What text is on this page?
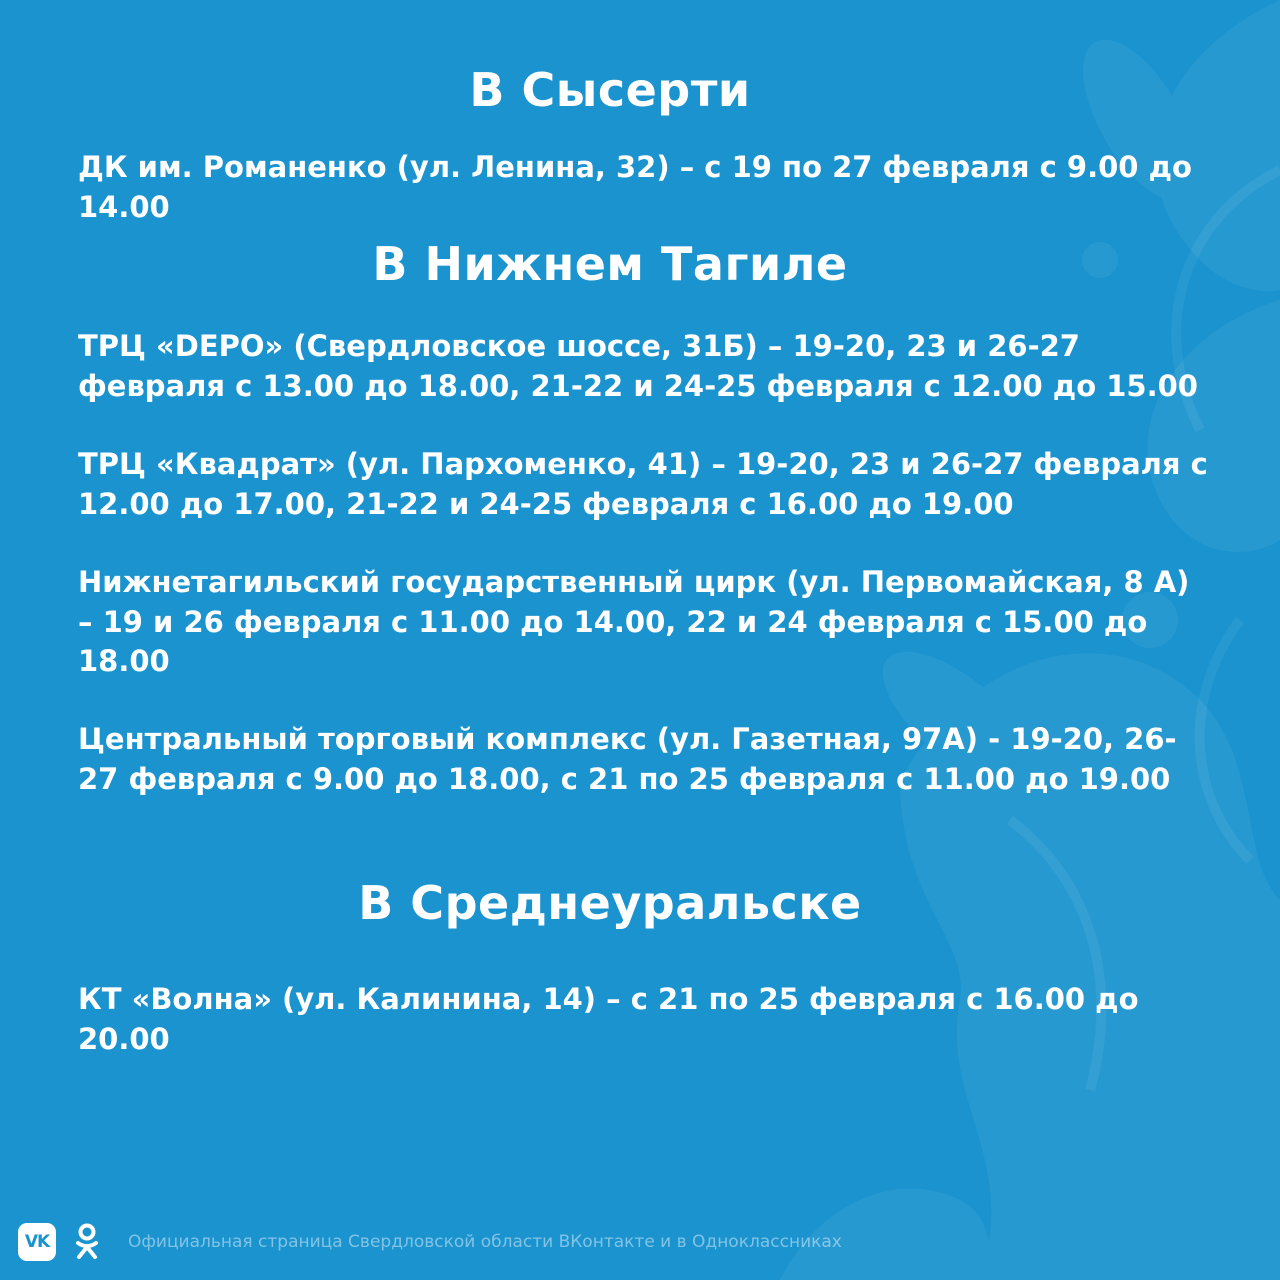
В Сысерти
ДК им. Романенко (ул. Ленина, 32) – с 19 по 27 февраля с 9.00 до 14.00
В Нижнем Тагиле
ТРЦ «DEPO» (Свердловское шоссе, 31Б) – 19-20, 23 и 26-27 февраля с 13.00 до 18.00, 21-22 и 24-25 февраля с 12.00 до 15.00
ТРЦ «Квадрат» (ул. Пархоменко, 41) – 19-20, 23 и 26-27 февраля с 12.00 до 17.00, 21-22 и 24-25 февраля с 16.00 до 19.00
Нижнетагильский государственный цирк (ул. Первомайская, 8 А) – 19 и 26 февраля с 11.00 до 14.00, 22 и 24 февраля с 15.00 до 18.00
Центральный торговый комплекс (ул. Газетная, 97А) - 19-20, 26-27 февраля с 9.00 до 18.00, с 21 по 25 февраля с 11.00 до 19.00
В Среднеуральске
КТ «Волна» (ул. Калинина, 14) – с 21 по 25 февраля с 16.00 до 20.00
VK	Официальная страница Свердловской области ВКонтакте и в Одноклассниках
